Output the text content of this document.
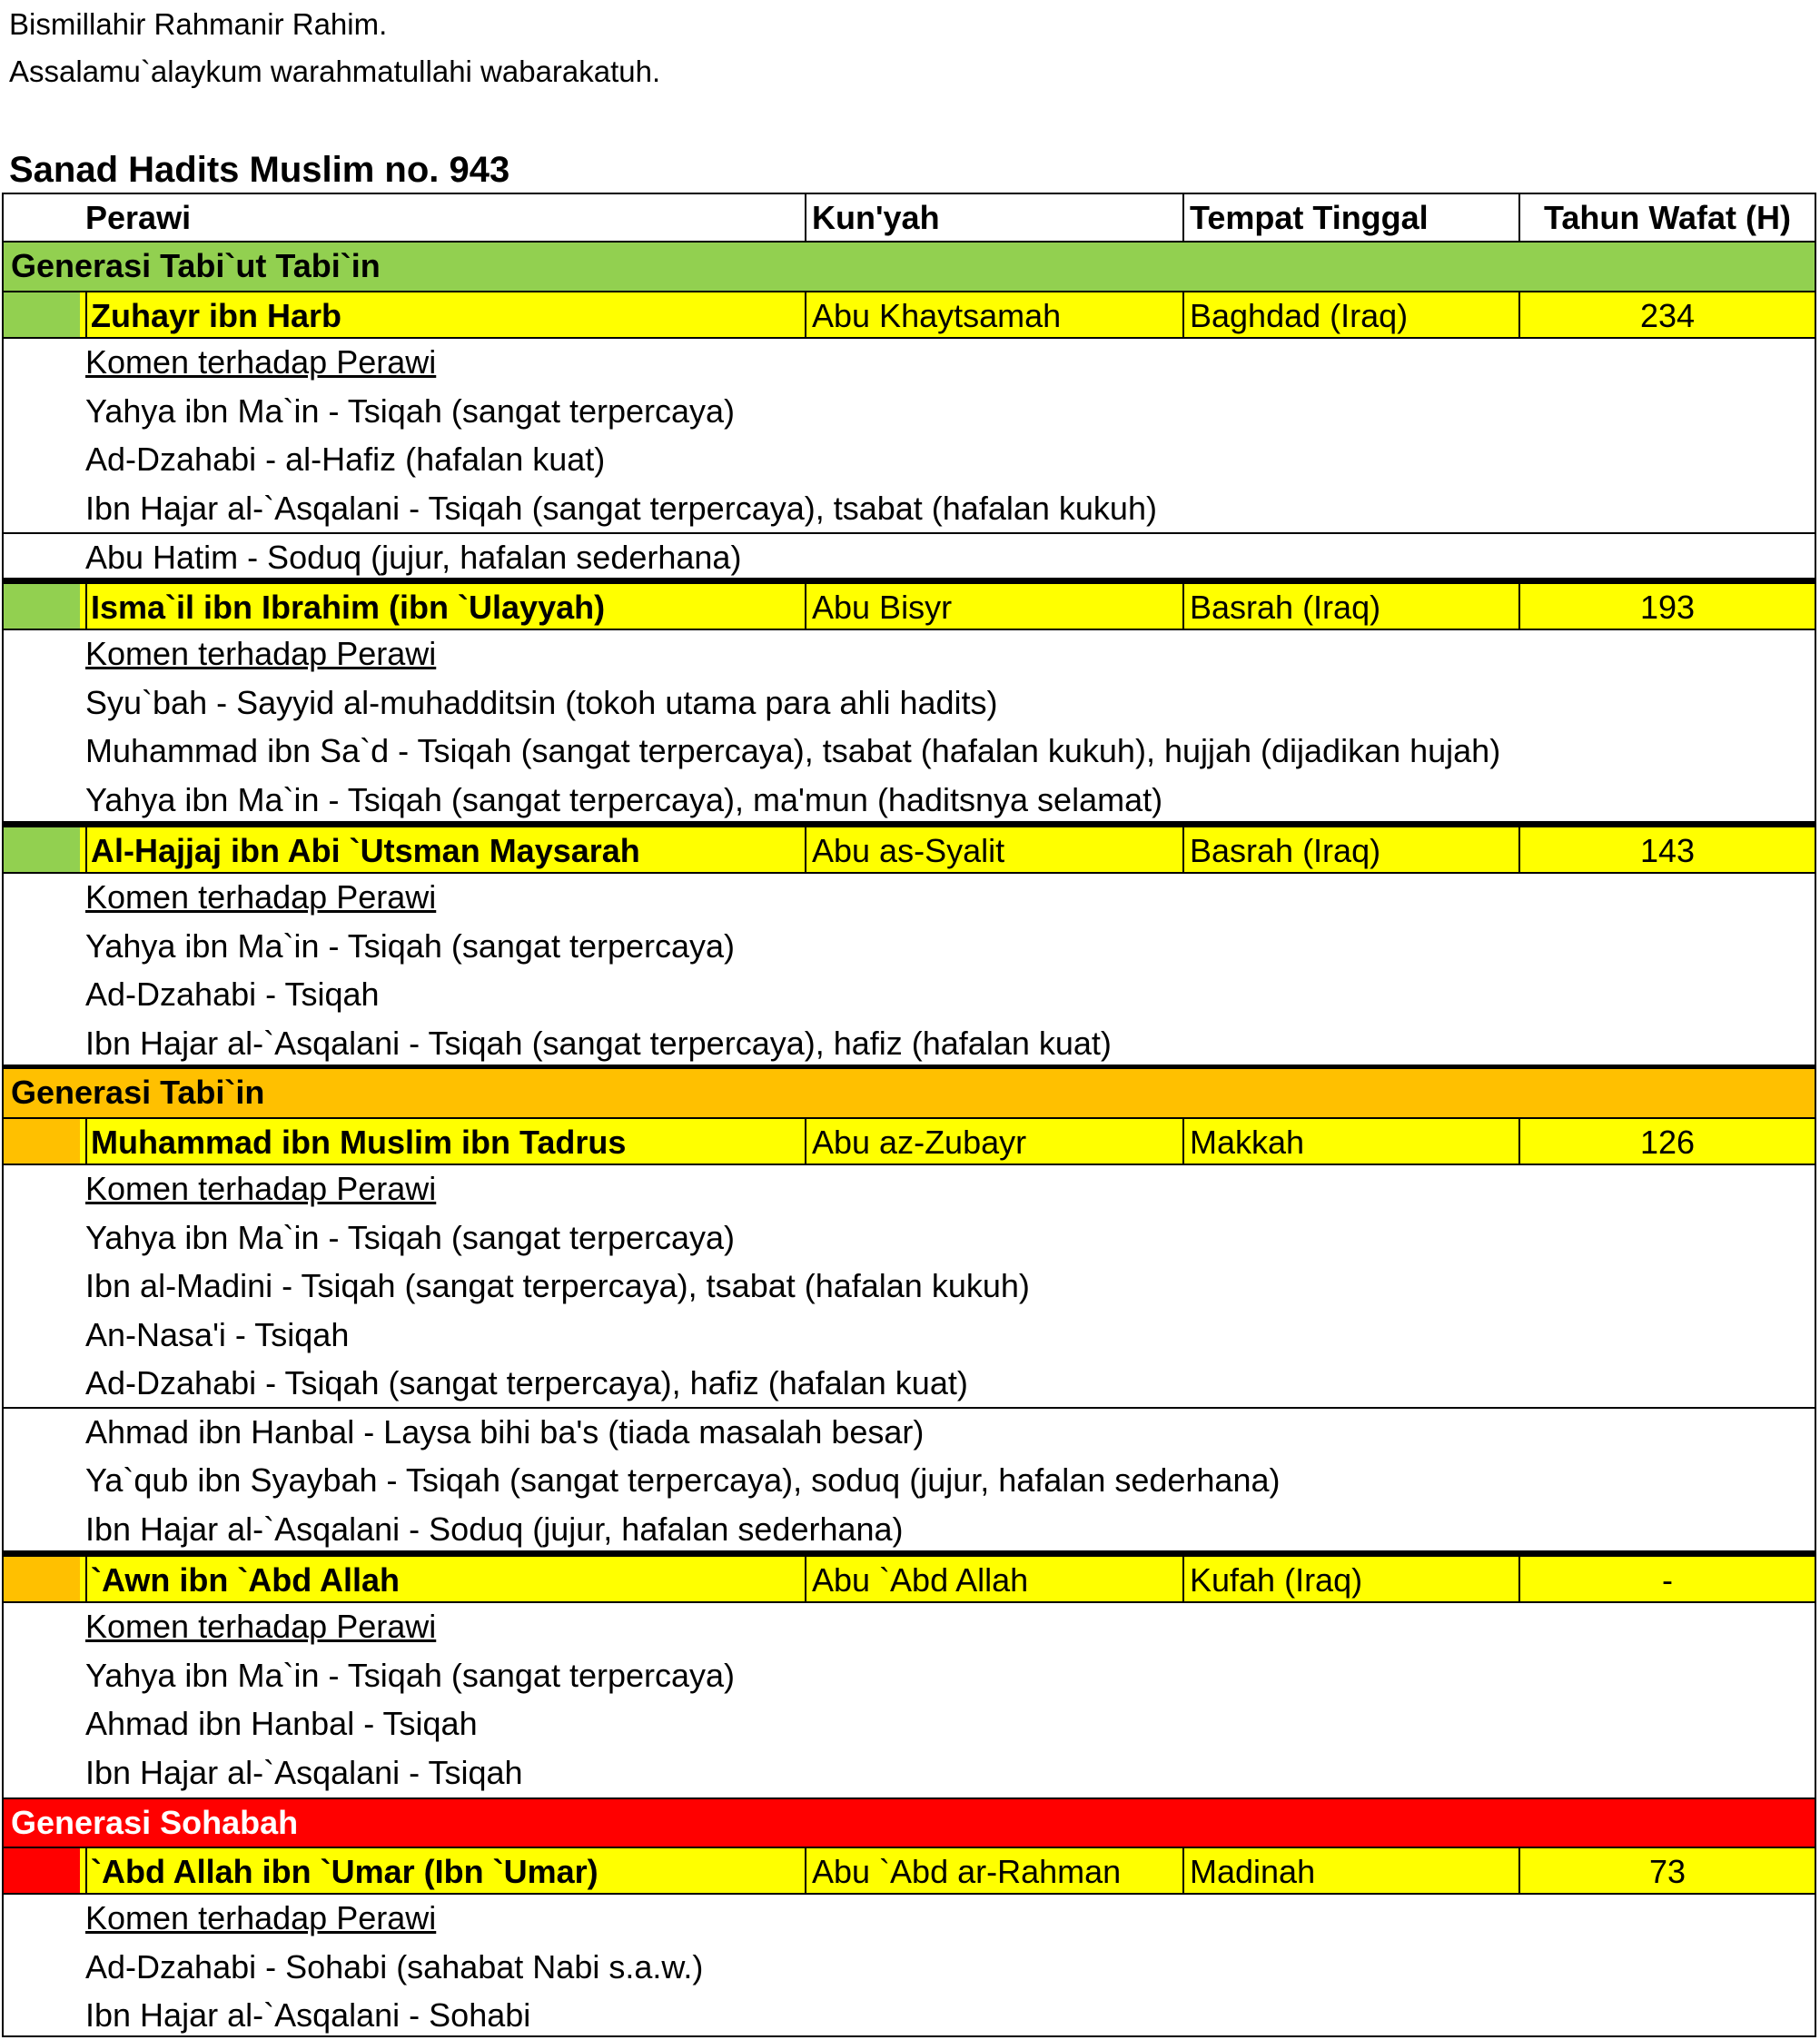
Bismillahir Rahmanir Rahim.
Assalamu`alaykum warahmatullahi wabarakatuh.
Sanad Hadits Muslim no. 943
Perawi	Kun'yah	Tempat Tinggal	Tahun Wafat (H)
Generasi Tabi`ut Tabi`in
Zuhayr ibn Harb	Abu Khaytsamah	Baghdad (Iraq)	234
Komen terhadap Perawi
Yahya ibn Ma`in - Tsiqah (sangat terpercaya)
Ad-Dzahabi - al-Hafiz (hafalan kuat)
Ibn Hajar al-`Asqalani - Tsiqah (sangat terpercaya), tsabat (hafalan kukuh)
Abu Hatim - Soduq (jujur, hafalan sederhana)
Isma`il ibn Ibrahim (ibn `Ulayyah)	Abu Bisyr	Basrah (Iraq)	193
Komen terhadap Perawi
Syu`bah - Sayyid al-muhadditsin (tokoh utama para ahli hadits)
Muhammad ibn Sa`d - Tsiqah (sangat terpercaya), tsabat (hafalan kukuh), hujjah (dijadikan hujah)
Yahya ibn Ma`in - Tsiqah (sangat terpercaya), ma'mun (haditsnya selamat)
Al-Hajjaj ibn Abi `Utsman Maysarah	Abu as-Syalit	Basrah (Iraq)	143
Komen terhadap Perawi
Yahya ibn Ma`in - Tsiqah (sangat terpercaya)
Ad-Dzahabi - Tsiqah
Ibn Hajar al-`Asqalani - Tsiqah (sangat terpercaya), hafiz (hafalan kuat)
Generasi Tabi`in
Muhammad ibn Muslim ibn Tadrus	Abu az-Zubayr	Makkah	126
Komen terhadap Perawi
Yahya ibn Ma`in - Tsiqah (sangat terpercaya)
Ibn al-Madini - Tsiqah (sangat terpercaya), tsabat (hafalan kukuh)
An-Nasa'i - Tsiqah
Ad-Dzahabi - Tsiqah (sangat terpercaya), hafiz (hafalan kuat)
Ahmad ibn Hanbal - Laysa bihi ba's (tiada masalah besar)
Ya`qub ibn Syaybah - Tsiqah (sangat terpercaya), soduq (jujur, hafalan sederhana)
Ibn Hajar al-`Asqalani - Soduq (jujur, hafalan sederhana)
`Awn ibn `Abd Allah	Abu `Abd Allah	Kufah (Iraq)	-
Komen terhadap Perawi
Yahya ibn Ma`in - Tsiqah (sangat terpercaya)
Ahmad ibn Hanbal - Tsiqah
Ibn Hajar al-`Asqalani - Tsiqah
Generasi Sohabah
`Abd Allah ibn `Umar (Ibn `Umar)	Abu `Abd ar-Rahman	Madinah	73
Komen terhadap Perawi
Ad-Dzahabi - Sohabi (sahabat Nabi s.a.w.)
Ibn Hajar al-`Asqalani - Sohabi
